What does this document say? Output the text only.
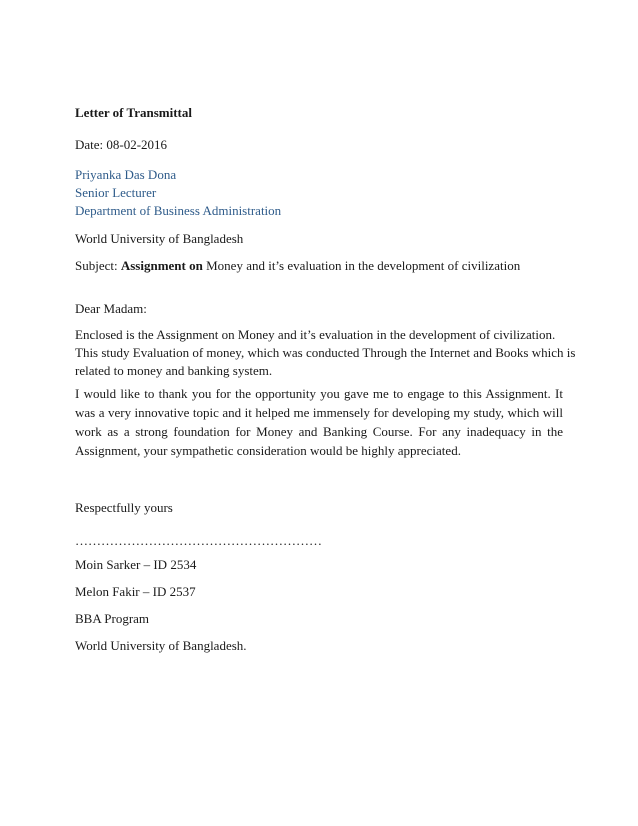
Letter of Transmittal
Date: 08-02-2016
Priyanka Das Dona
Senior Lecturer
Department of Business Administration
World University of Bangladesh
Subject: Assignment on Money and it’s evaluation in the development of civilization
Dear Madam:
Enclosed is the Assignment on Money and it’s evaluation in the development of civilization.
This study Evaluation of money, which was conducted Through the Internet and Books which is
related to money and banking system.
I would like to thank you for the opportunity you gave me to engage to this Assignment. It was a very innovative topic and it helped me immensely for developing my study, which will work as a strong foundation for Money and Banking Course. For any inadequacy in the Assignment, your sympathetic consideration would be highly appreciated.
Respectfully yours
…………………………………………………
Moin Sarker – ID 2534
Melon Fakir – ID 2537
BBA Program
World University of Bangladesh.
